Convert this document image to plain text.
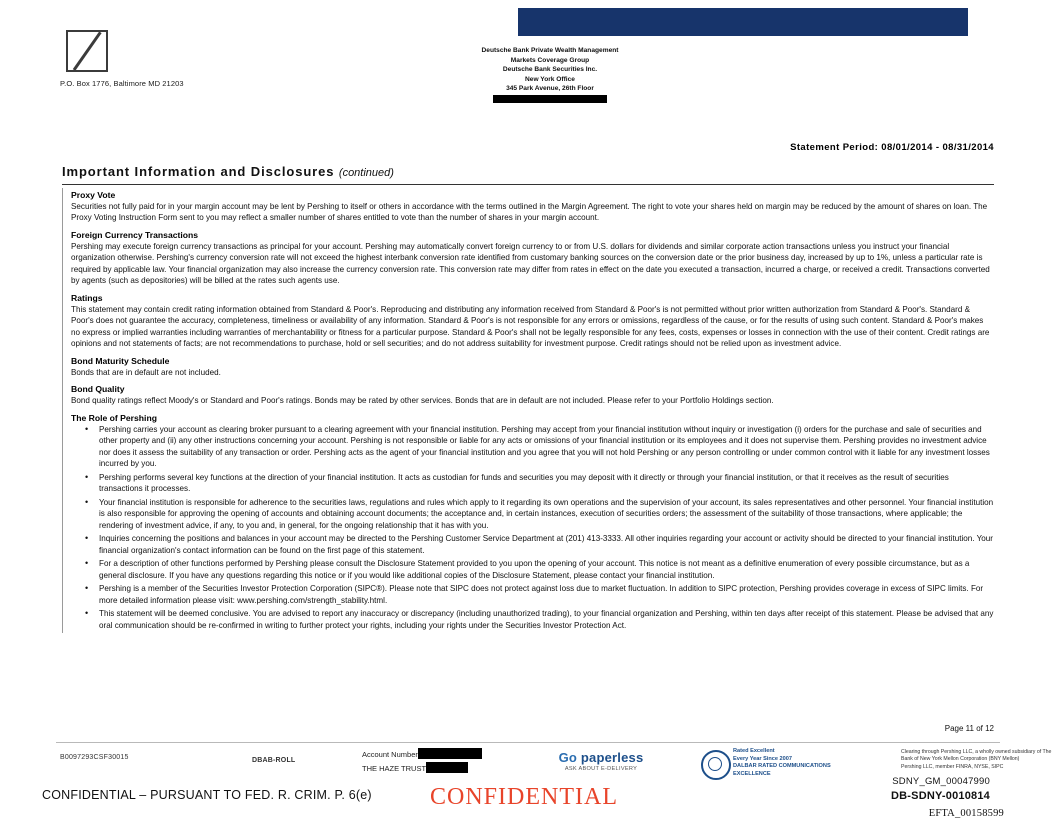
P.O. Box 1776, Baltimore MD 21203
Deutsche Bank Private Wealth Management
Markets Coverage Group
Deutsche Bank Securities Inc.
New York Office
345 Park Avenue, 26th Floor
New York, NY 10154
Statement Period: 08/01/2014 - 08/31/2014
Important Information and Disclosures (continued)
Proxy Vote

Securities not fully paid for in your margin account may be lent by Pershing to itself or others in accordance with the terms outlined in the Margin Agreement. The right to vote your shares held on margin may be reduced by the amount of shares on loan. The Proxy Voting Instruction Form sent to you may reflect a smaller number of shares entitled to vote than the number of shares in your margin account.

Foreign Currency Transactions

Pershing may execute foreign currency transactions as principal for your account. Pershing may automatically convert foreign currency to or from U.S. dollars for dividends and similar corporate action transactions unless you instruct your financial organization otherwise. Pershing's currency conversion rate will not exceed the highest interbank conversion rate identified from customary banking sources on the conversion date or the prior business day, increased by up to 1%, unless a particular rate is required by applicable law. Your financial organization may also increase the currency conversion rate. This conversion rate may differ from rates in effect on the date you executed a transaction, incurred a charge, or received a credit. Transactions converted by agents (such as depositories) will be billed at the rates such agents use.

Ratings

This statement may contain credit rating information obtained from Standard & Poor's. Reproducing and distributing any information received from Standard & Poor's is not permitted without prior written authorization from Standard & Poor's. Standard & Poor's does not guarantee the accuracy, completeness, timeliness or availability of any information. Standard & Poor's is not responsible for any errors or omissions, regardless of the cause, or for the results of using such content. Standard & Poor's makes no express or implied warranties including warranties of merchantability or fitness for a particular purpose. Standard & Poor's shall not be legally responsible for any fees, costs, expenses or losses in connection with the use of their content. Credit ratings are opinions and not statements of facts; are not recommendations to purchase, hold or sell securities; and do not address suitability for investment purpose. Credit ratings should not be relied upon as investment advice.

Bond Maturity Schedule

Bonds that are in default are not included.

Bond Quality

Bond quality ratings reflect Moody's or Standard and Poor's ratings. Bonds may be rated by other services. Bonds that are in default are not included. Please refer to your Portfolio Holdings section.

The Role of Pershing
• Pershing carries your account as clearing broker pursuant to a clearing agreement with your financial institution. Pershing may accept from your financial institution without inquiry or investigation (i) orders for the purchase and sale of securities and other property and (ii) any other instructions concerning your account. Pershing is not responsible or liable for any acts or omissions of your financial institution or its employees and it does not supervise them. Pershing provides no investment advice nor does it assess the suitability of any transaction or order. Pershing acts as the agent of your financial institution and you agree that you will not hold Pershing or any person controlling or under common control with it liable for any investment losses incurred by you.
• Pershing performs several key functions at the direction of your financial institution. It acts as custodian for funds and securities you may deposit with it directly or through your financial institution, or that it receives as the result of securities transactions it processes.
• Your financial institution is responsible for adherence to the securities laws, regulations and rules which apply to it regarding its own operations and the supervision of your account, its sales representatives and other personnel. Your financial institution is also responsible for approving the opening of accounts and obtaining account documents; the acceptance and, in certain instances, execution of securities orders; the assessment of the suitability of those transactions, where applicable; the rendering of investment advice, if any, to you and, in general, for the ongoing relationship that it has with you.
• Inquiries concerning the positions and balances in your account may be directed to the Pershing Customer Service Department at (201) 413-3333. All other inquiries regarding your account or activity should be directed to your financial institution. Your financial organization's contact information can be found on the first page of this statement.
• For a description of other functions performed by Pershing please consult the Disclosure Statement provided to you upon the opening of your account. This notice is not meant as a definitive enumeration of every possible circumstance, but as a general disclosure. If you have any questions regarding this notice or if you would like additional copies of the Disclosure Statement, please contact your financial institution.
• Pershing is a member of the Securities Investor Protection Corporation (SIPC®). Please note that SIPC does not protect against loss due to market fluctuation. In addition to SIPC protection, Pershing provides coverage in excess of SIPC limits. For more detailed information please visit: www.pershing.com/strength_stability.html.
• This statement will be deemed conclusive. You are advised to report any inaccuracy or discrepancy (including unauthorized trading), to your financial organization and Pershing, within ten days after receipt of this statement. Please be advised that any oral communication should be re-confirmed in writing to further protect your rights, including your rights under the Securities Investor Protection Act.
Page 11 of 12
B0097293CSF30015	DBAB-ROLL
Account Number
THE HAZE TRUST
Go paperless
ASK ABOUT E-DELIVERY
Rated Excellent
Every Year Since 2007
DALBAR RATED COMMUNICATIONS
EXCELLENCE
Clearing through Pershing LLC, a wholly owned subsidiary of The Bank of New York Mellon Corporation (BNY Mellon)
Pershing LLC, member FINRA, NYSE, SIPC
CONFIDENTIAL – PURSUANT TO FED. R. CRIM. P. 6(e) CONFIDENTIAL
SDNY_GM_00047990
DB-SDNY-0010814
EFTA_00158599
